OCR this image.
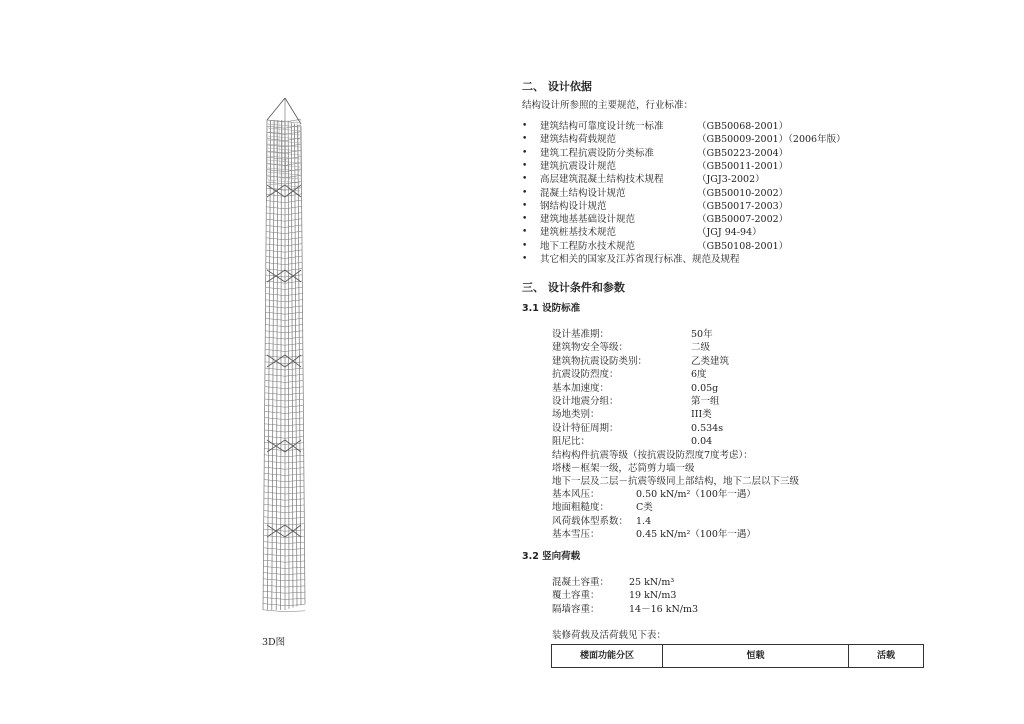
3D图
二、 设计依据
结构设计所参照的主要规范，行业标准：
• 建筑结构可靠度设计统一标准	（GB50068-2001）
• 建筑结构荷载规范	（GB50009-2001）（2006年版）
• 建筑工程抗震设防分类标准	（GB50223-2004）
• 建筑抗震设计规范	（GB50011-2001）
• 高层建筑混凝土结构技术规程	（JGJ3-2002）
• 混凝土结构设计规范	（GB50010-2002）
• 钢结构设计规范	（GB50017-2003）
• 建筑地基基础设计规范	（GB50007-2002）
• 建筑桩基技术规范	（JGJ 94-94）
• 地下工程防水技术规范	（GB50108-2001）
• 其它相关的国家及江苏省现行标准、规范及规程
三、 设计条件和参数
3.1 设防标准
设计基准期：	50年
建筑物安全等级：	二级
建筑物抗震设防类别：	乙类建筑
抗震设防烈度：	6度
基本加速度：	0.05g
设计地震分组：	第一组
场地类别：	III类
设计特征周期：	0.534s
阻尼比：	0.04
结构构件抗震等级（按抗震设防烈度7度考虑）：
塔楼－框架一级，芯筒剪力墙一级
地下一层及二层－抗震等级同上部结构，地下二层以下三级
基本风压：	0.50 kN/m²（100年一遇）
地面粗糙度：	C类
风荷载体型系数： 1.4
基本雪压：	0.45 kN/m²（100年一遇）
3.2 竖向荷载
混凝土容重： 25 kN/m³
覆土容重：	19 kN/m3
隔墙容重：	14－16 kN/m3
装修荷载及活荷载见下表：
楼面功能分区	恒载	活载
